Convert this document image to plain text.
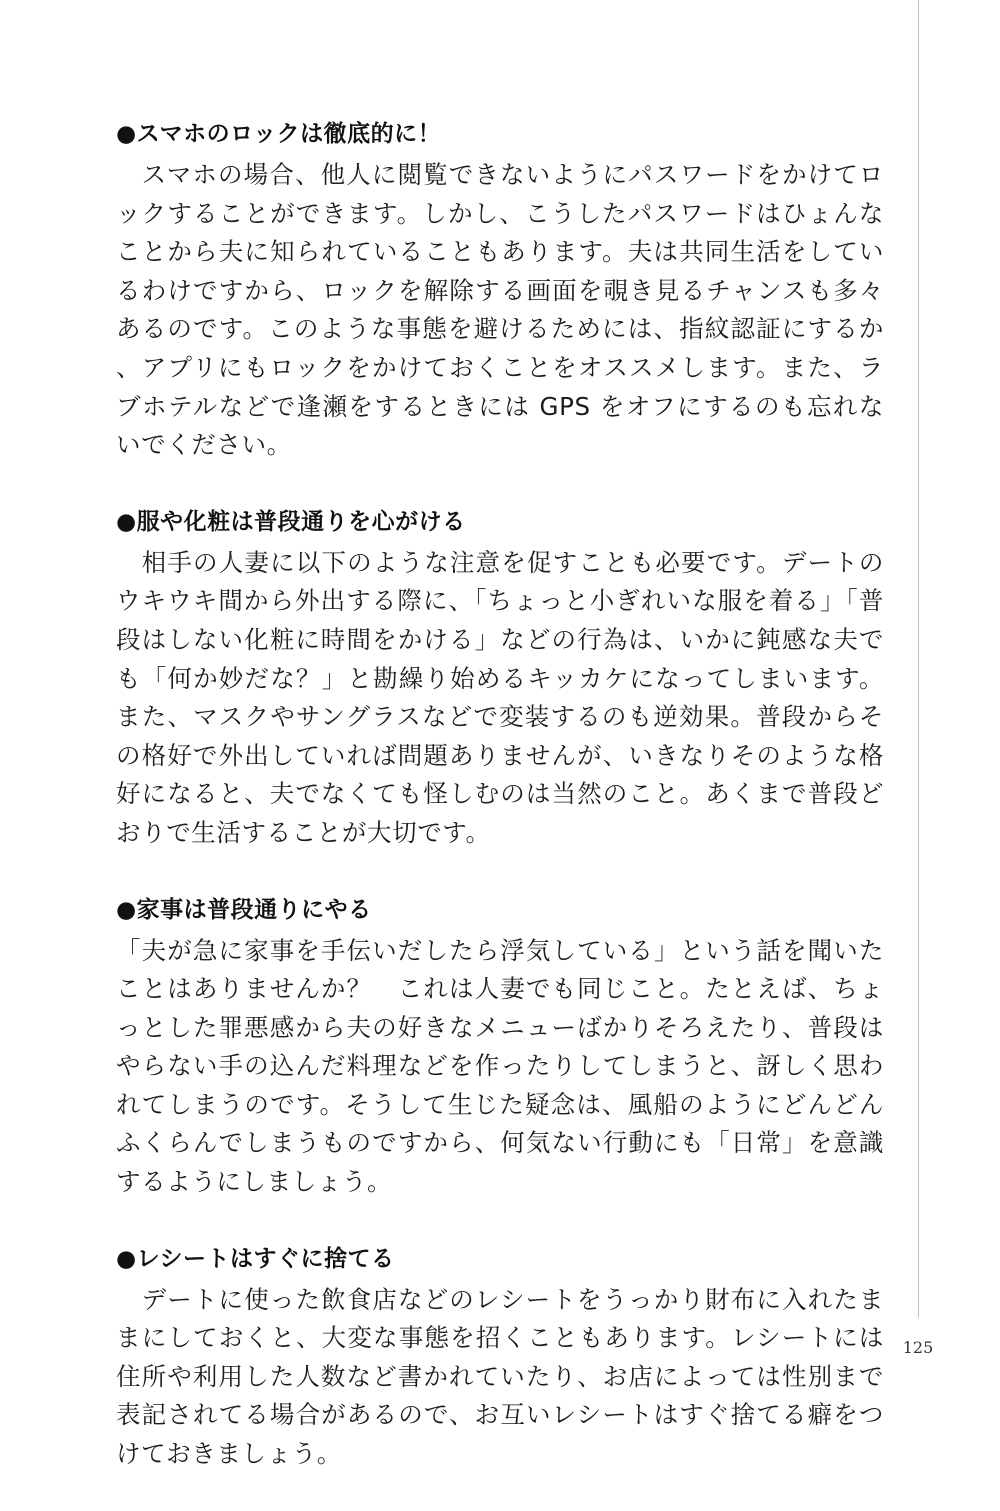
●スマホのロックは徹底的に！

　スマホの場合、他人に閲覧できないようにパスワードをかけてロックすることができます。しかし、こうしたパスワードはひょんなことから夫に知られていることもあります。夫は共同生活をしているわけですから、ロックを解除する画面を覗き見るチャンスも多々あるのです。このような事態を避けるためには、指紋認証にするか、アプリにもロックをかけておくことをオススメします。また、ラブホテルなどで逢瀬をするときには GPS をオフにするのも忘れないでください。

●服や化粧は普段通りを心がける

　相手の人妻に以下のような注意を促すことも必要です。デートのウキウキ間から外出する際に、「ちょっと小ぎれいな服を着る」「普段はしない化粧に時間をかける」などの行為は、いかに鈍感な夫でも「何か妙だな？」と勘繰り始めるキッカケになってしまいます。また、マスクやサングラスなどで変装するのも逆効果。普段からその格好で外出していれば問題ありませんが、いきなりそのような格好になると、夫でなくても怪しむのは当然のこと。あくまで普段どおりで生活することが大切です。

●家事は普段通りにやる

「夫が急に家事を手伝いだしたら浮気している」という話を聞いたことはありませんか？　これは人妻でも同じこと。たとえば、ちょっとした罪悪感から夫の好きなメニューばかりそろえたり、普段はやらない手の込んだ料理などを作ったりしてしまうと、訝しく思われてしまうのです。そうして生じた疑念は、風船のようにどんどんふくらんでしまうものですから、何気ない行動にも「日常」を意識するようにしましょう。

●レシートはすぐに捨てる

　デートに使った飲食店などのレシートをうっかり財布に入れたままにしておくと、大変な事態を招くこともあります。レシートには住所や利用した人数など書かれていたり、お店によっては性別まで表記されてる場合があるので、お互いレシートはすぐ捨てる癖をつけておきましょう。

125
